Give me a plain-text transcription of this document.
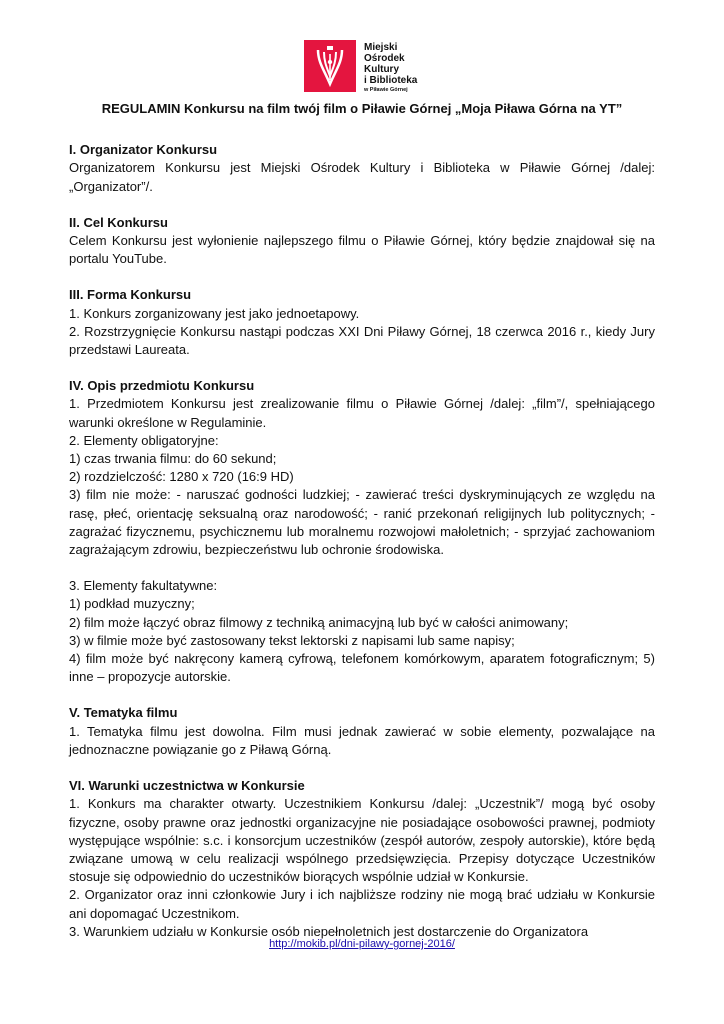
Miejski
Ośrodek
Kultury
i Biblioteka
w Piławie Górnej

REGULAMIN Konkursu na film twój film o Piławie Górnej „Moja Piława Górna na YT”

I. Organizator Konkursu

Organizatorem Konkursu jest Miejski Ośrodek Kultury i Biblioteka w Piławie Górnej /dalej: „Organizator”/.

II. Cel Konkursu

Celem Konkursu jest wyłonienie najlepszego filmu o Piławie Górnej, który będzie znajdował się na portalu YouTube.

III. Forma Konkursu

1. Konkurs zorganizowany jest jako jednoetapowy.

2. Rozstrzygnięcie Konkursu nastąpi podczas XXI Dni Piławy Górnej, 18 czerwca 2016 r., kiedy Jury przedstawi Laureata.

IV. Opis przedmiotu Konkursu

1. Przedmiotem Konkursu jest zrealizowanie filmu o Piławie Górnej /dalej: „film”/, spełniającego warunki określone w Regulaminie.

2. Elementy obligatoryjne:

1) czas trwania filmu: do 60 sekund;

2) rozdzielczość: 1280 x 720 (16:9 HD)

3) film nie może: - naruszać godności ludzkiej; - zawierać treści dyskryminujących ze względu na rasę, płeć, orientację seksualną oraz narodowość; - ranić przekonań religijnych lub politycznych; - zagrażać fizycznemu, psychicznemu lub moralnemu rozwojowi małoletnich; - sprzyjać zachowaniom zagrażającym zdrowiu, bezpieczeństwu lub ochronie środowiska.

3. Elementy fakultatywne:

1) podkład muzyczny;

2) film może łączyć obraz filmowy z techniką animacyjną lub być w całości animowany;

3) w filmie może być zastosowany tekst lektorski z napisami lub same napisy;

4) film może być nakręcony kamerą cyfrową, telefonem komórkowym, aparatem fotograficznym; 5) inne – propozycje autorskie.

V. Tematyka filmu

1. Tematyka filmu jest dowolna. Film musi jednak zawierać w sobie elementy, pozwalające na jednoznaczne powiązanie go z Piławą Górną.

VI. Warunki uczestnictwa w Konkursie

1. Konkurs ma charakter otwarty. Uczestnikiem Konkursu /dalej: „Uczestnik”/ mogą być osoby fizyczne, osoby prawne oraz jednostki organizacyjne nie posiadające osobowości prawnej, podmioty występujące wspólnie: s.c. i konsorcjum uczestników (zespół autorów, zespoły autorskie), które będą związane umową w celu realizacji wspólnego przedsięwzięcia. Przepisy dotyczące Uczestników stosuje się odpowiednio do uczestników biorących wspólnie udział w Konkursie.

2. Organizator oraz inni członkowie Jury i ich najbliższe rodziny nie mogą brać udziału w Konkursie ani dopomagać Uczestnikom.

3. Warunkiem udziału w Konkursie osób niepełnoletnich jest dostarczenie do Organizatora

http://mokib.pl/dni-pilawy-gornej-2016/
